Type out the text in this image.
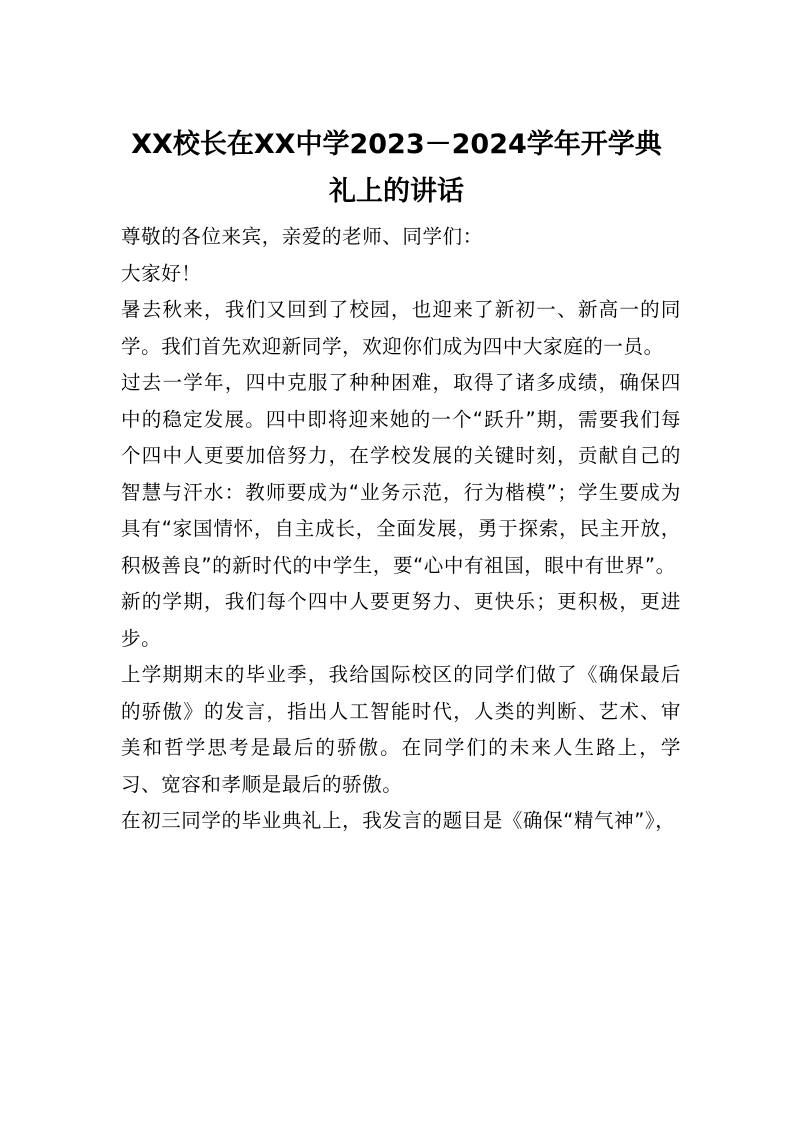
XX校长在XX中学2023－2024学年开学典
礼上的讲话

尊敬的各位来宾，亲爱的老师、同学们：

大家好！

暑去秋来，我们又回到了校园，也迎来了新初一、新高一的同学。我们首先欢迎新同学，欢迎你们成为四中大家庭的一员。

过去一学年，四中克服了种种困难，取得了诸多成绩，确保四中的稳定发展。四中即将迎来她的一个“跃升”期，需要我们每个四中人更要加倍努力，在学校发展的关键时刻，贡献自己的智慧与汗水：教师要成为“业务示范，行为楷模”；学生要成为具有“家国情怀，自主成长，全面发展，勇于探索，民主开放，积极善良”的新时代的中学生，要“心中有祖国，眼中有世界”。

新的学期，我们每个四中人要更努力、更快乐；更积极，更进步。

上学期期末的毕业季，我给国际校区的同学们做了《确保最后的骄傲》的发言，指出人工智能时代，人类的判断、艺术、审美和哲学思考是最后的骄傲。在同学们的未来人生路上，学习、宽容和孝顺是最后的骄傲。

在初三同学的毕业典礼上，我发言的题目是《确保“精气神”》，
